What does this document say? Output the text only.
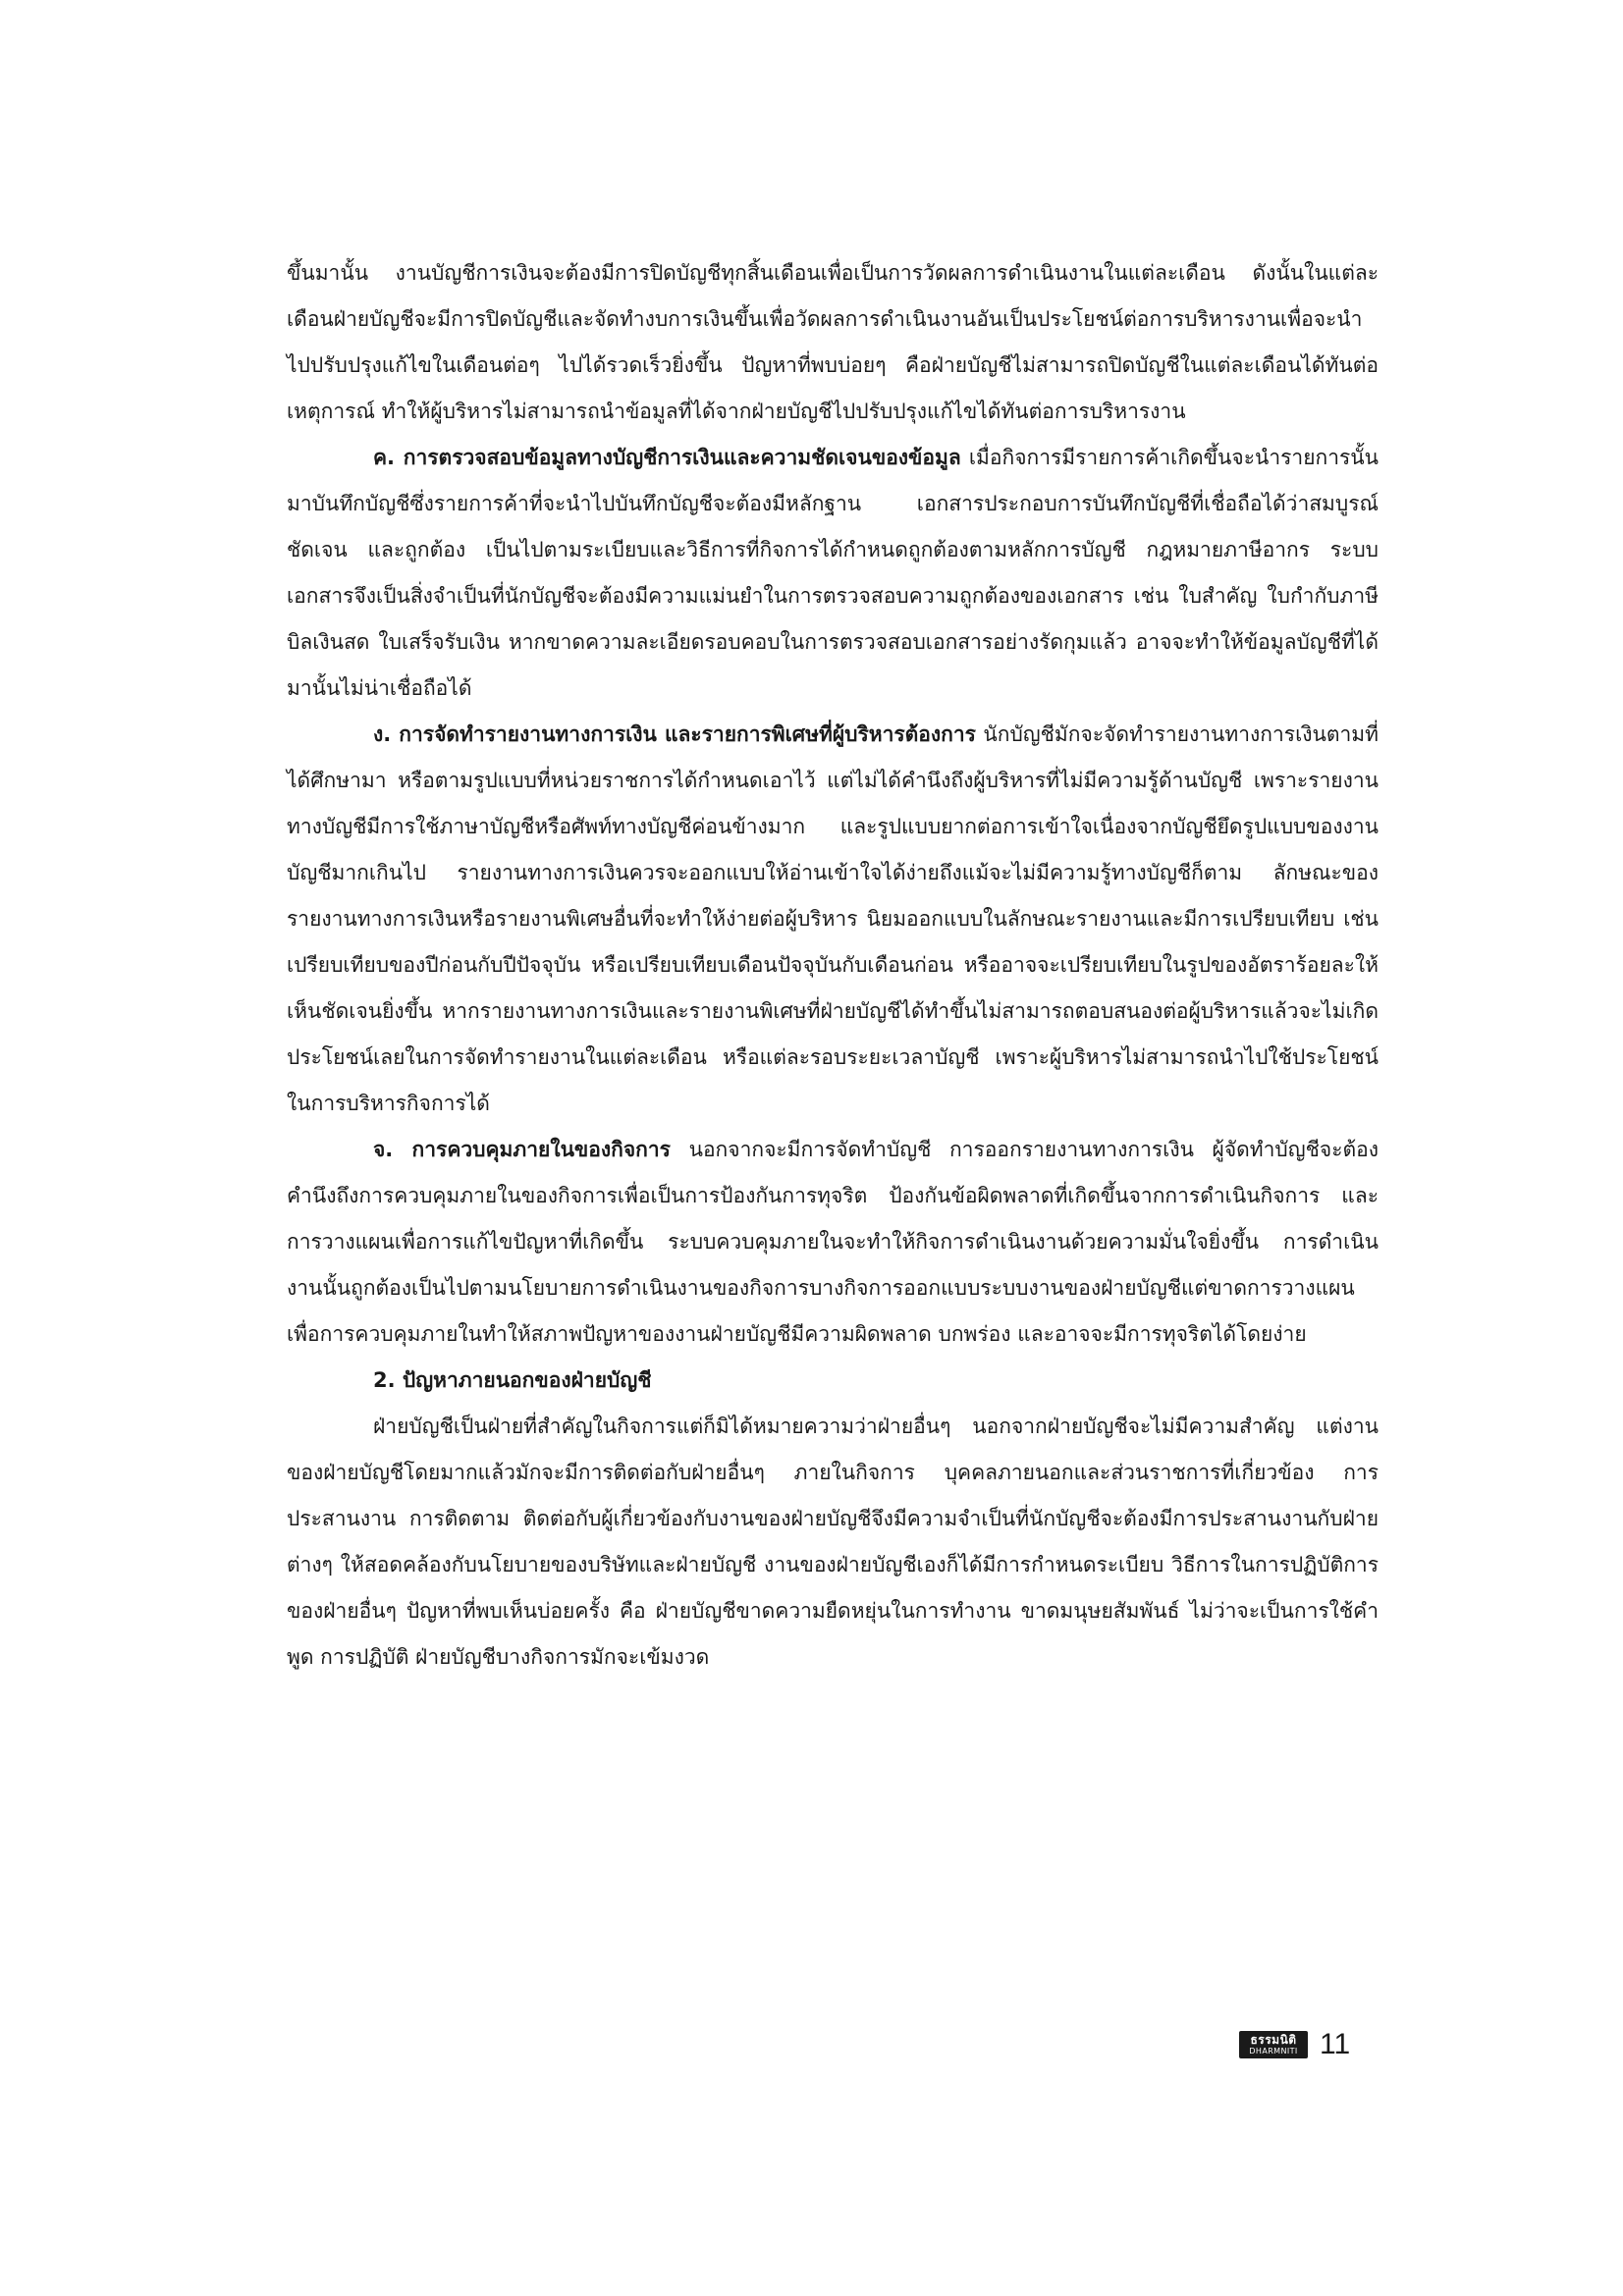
ขึ้นมานั้น งานบัญชีการเงินจะต้องมีการปิดบัญชีทุกสิ้นเดือนเพื่อเป็นการวัดผลการดำเนินงานในแต่ละเดือน ดังนั้นในแต่ละเดือนฝ่ายบัญชีจะมีการปิดบัญชีและจัดทำงบการเงินขึ้นเพื่อวัดผลการดำเนินงานอันเป็นประโยชน์ต่อการบริหารงานเพื่อจะนำไปปรับปรุงแก้ไขในเดือนต่อๆ ไปได้รวดเร็วยิ่งขึ้น ปัญหาที่พบบ่อยๆ คือฝ่ายบัญชีไม่สามารถปิดบัญชีในแต่ละเดือนได้ทันต่อเหตุการณ์ ทำให้ผู้บริหารไม่สามารถนำข้อมูลที่ได้จากฝ่ายบัญชีไปปรับปรุงแก้ไขได้ทันต่อการบริหารงาน

ค. การตรวจสอบข้อมูลทางบัญชีการเงินและความชัดเจนของข้อมูล เมื่อกิจการมีรายการค้าเกิดขึ้นจะนำรายการนั้นมาบันทึกบัญชีซึ่งรายการค้าที่จะนำไปบันทึกบัญชีจะต้องมีหลักฐาน เอกสารประกอบการบันทึกบัญชีที่เชื่อถือได้ว่าสมบูรณ์ ชัดเจน และถูกต้อง เป็นไปตามระเบียบและวิธีการที่กิจการได้กำหนดถูกต้องตามหลักการบัญชี กฎหมายภาษีอากร ระบบเอกสารจึงเป็นสิ่งจำเป็นที่นักบัญชีจะต้องมีความแม่นยำในการตรวจสอบความถูกต้องของเอกสาร เช่น ใบสำคัญ ใบกำกับภาษี บิลเงินสด ใบเสร็จรับเงิน หากขาดความละเอียดรอบคอบในการตรวจสอบเอกสารอย่างรัดกุมแล้ว อาจจะทำให้ข้อมูลบัญชีที่ได้มานั้นไม่น่าเชื่อถือได้

ง. การจัดทำรายงานทางการเงิน และรายการพิเศษที่ผู้บริหารต้องการ นักบัญชีมักจะจัดทำรายงานทางการเงินตามที่ได้ศึกษามา หรือตามรูปแบบที่หน่วยราชการได้กำหนดเอาไว้ แต่ไม่ได้คำนึงถึงผู้บริหารที่ไม่มีความรู้ด้านบัญชี เพราะรายงานทางบัญชีมีการใช้ภาษาบัญชีหรือศัพท์ทางบัญชีค่อนข้างมาก และรูปแบบยากต่อการเข้าใจเนื่องจากบัญชียึดรูปแบบของงานบัญชีมากเกินไป รายงานทางการเงินควรจะออกแบบให้อ่านเข้าใจได้ง่ายถึงแม้จะไม่มีความรู้ทางบัญชีก็ตาม ลักษณะของรายงานทางการเงินหรือรายงานพิเศษอื่นที่จะทำให้ง่ายต่อผู้บริหาร นิยมออกแบบในลักษณะรายงานและมีการเปรียบเทียบ เช่น เปรียบเทียบของปีก่อนกับปีปัจจุบัน หรือเปรียบเทียบเดือนปัจจุบันกับเดือนก่อน หรืออาจจะเปรียบเทียบในรูปของอัตราร้อยละให้เห็นชัดเจนยิ่งขึ้น หากรายงานทางการเงินและรายงานพิเศษที่ฝ่ายบัญชีได้ทำขึ้นไม่สามารถตอบสนองต่อผู้บริหารแล้วจะไม่เกิดประโยชน์เลยในการจัดทำรายงานในแต่ละเดือน หรือแต่ละรอบระยะเวลาบัญชี เพราะผู้บริหารไม่สามารถนำไปใช้ประโยชน์ในการบริหารกิจการได้

จ. การควบคุมภายในของกิจการ นอกจากจะมีการจัดทำบัญชี การออกรายงานทางการเงิน ผู้จัดทำบัญชีจะต้องคำนึงถึงการควบคุมภายในของกิจการเพื่อเป็นการป้องกันการทุจริต ป้องกันข้อผิดพลาดที่เกิดขึ้นจากการดำเนินกิจการ และการวางแผนเพื่อการแก้ไขปัญหาที่เกิดขึ้น ระบบควบคุมภายในจะทำให้กิจการดำเนินงานด้วยความมั่นใจยิ่งขึ้น การดำเนินงานนั้นถูกต้องเป็นไปตามนโยบายการดำเนินงานของกิจการบางกิจการออกแบบระบบงานของฝ่ายบัญชีแต่ขาดการวางแผนเพื่อการควบคุมภายในทำให้สภาพปัญหาของงานฝ่ายบัญชีมีความผิดพลาด บกพร่อง และอาจจะมีการทุจริตได้โดยง่าย

2. ปัญหาภายนอกของฝ่ายบัญชี

ฝ่ายบัญชีเป็นฝ่ายที่สำคัญในกิจการแต่ก็มิได้หมายความว่าฝ่ายอื่นๆ นอกจากฝ่ายบัญชีจะไม่มีความสำคัญ แต่งานของฝ่ายบัญชีโดยมากแล้วมักจะมีการติดต่อกับฝ่ายอื่นๆ ภายในกิจการ บุคคลภายนอกและส่วนราชการที่เกี่ยวข้อง การประสานงาน การติดตาม ติดต่อกับผู้เกี่ยวข้องกับงานของฝ่ายบัญชีจึงมีความจำเป็นที่นักบัญชีจะต้องมีการประสานงานกับฝ่ายต่างๆ ให้สอดคล้องกับนโยบายของบริษัทและฝ่ายบัญชี งานของฝ่ายบัญชีเองก็ได้มีการกำหนดระเบียบ วิธีการในการปฏิบัติการของฝ่ายอื่นๆ ปัญหาที่พบเห็นบ่อยครั้ง คือ ฝ่ายบัญชีขาดความยืดหยุ่นในการทำงาน ขาดมนุษยสัมพันธ์ ไม่ว่าจะเป็นการใช้คำพูด การปฏิบัติ ฝ่ายบัญชีบางกิจการมักจะเข้มงวด

ธรรมนิติ
DHARMNITI 11
